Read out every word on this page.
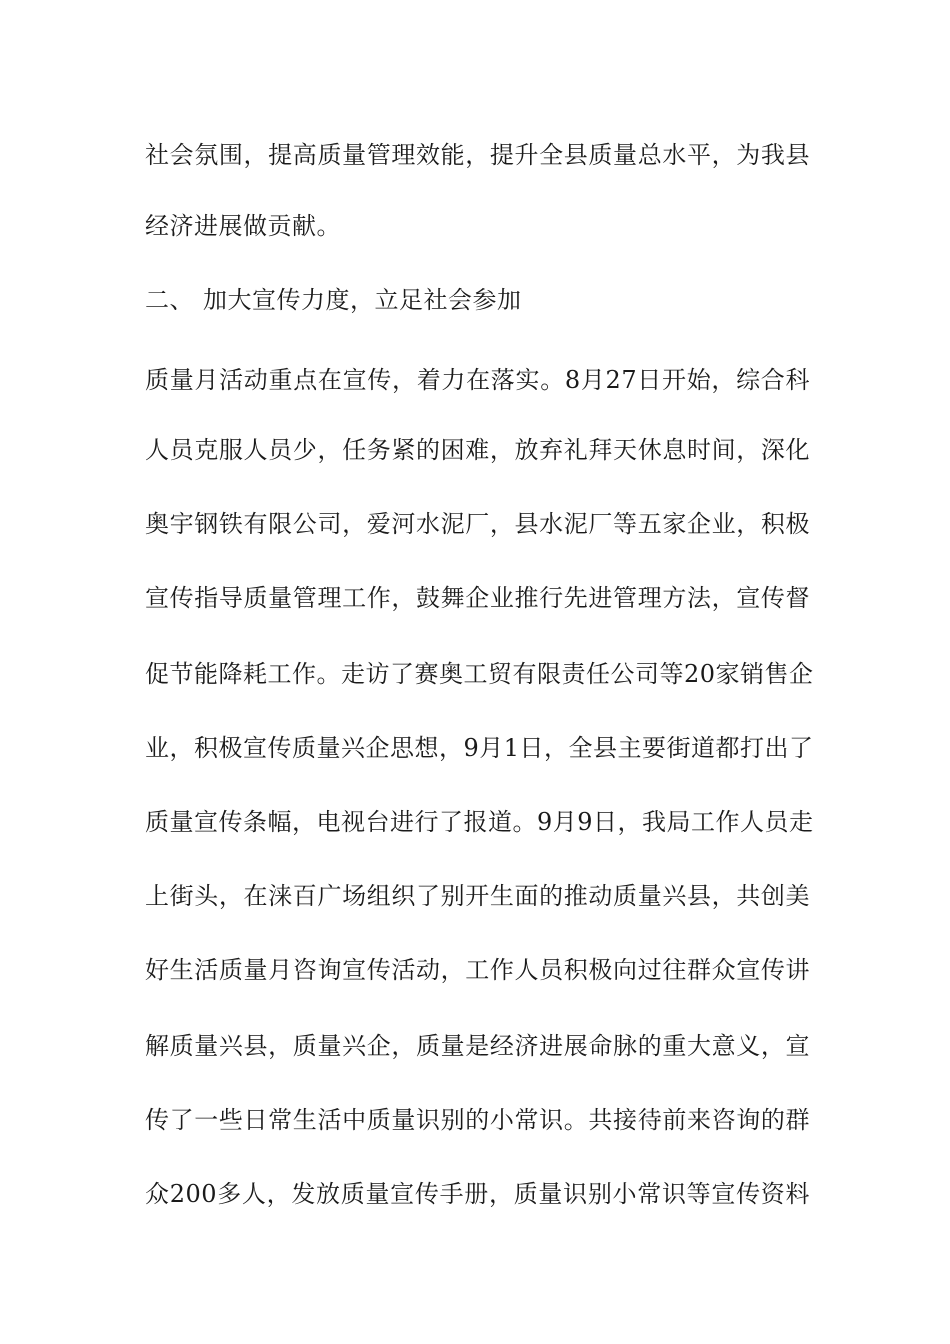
社会氛围，提高质量管理效能，提升全县质量总水平，为我县
经济进展做贡献。
二、 加大宣传力度，立足社会参加
质量月活动重点在宣传，着力在落实。8月27日开始，综合科
人员克服人员少，任务紧的困难，放弃礼拜天休息时间，深化
奥宇钢铁有限公司，爱河水泥厂，县水泥厂等五家企业，积极
宣传指导质量管理工作，鼓舞企业推行先进管理方法，宣传督
促节能降耗工作。走访了赛奥工贸有限责任公司等20家销售企
业，积极宣传质量兴企思想，9月1日，全县主要街道都打出了
质量宣传条幅，电视台进行了报道。9月9日，我局工作人员走
上街头，在涞百广场组织了别开生面的推动质量兴县，共创美
好生活质量月咨询宣传活动，工作人员积极向过往群众宣传讲
解质量兴县，质量兴企，质量是经济进展命脉的重大意义，宣
传了一些日常生活中质量识别的小常识。共接待前来咨询的群
众200多人，发放质量宣传手册，质量识别小常识等宣传资料
